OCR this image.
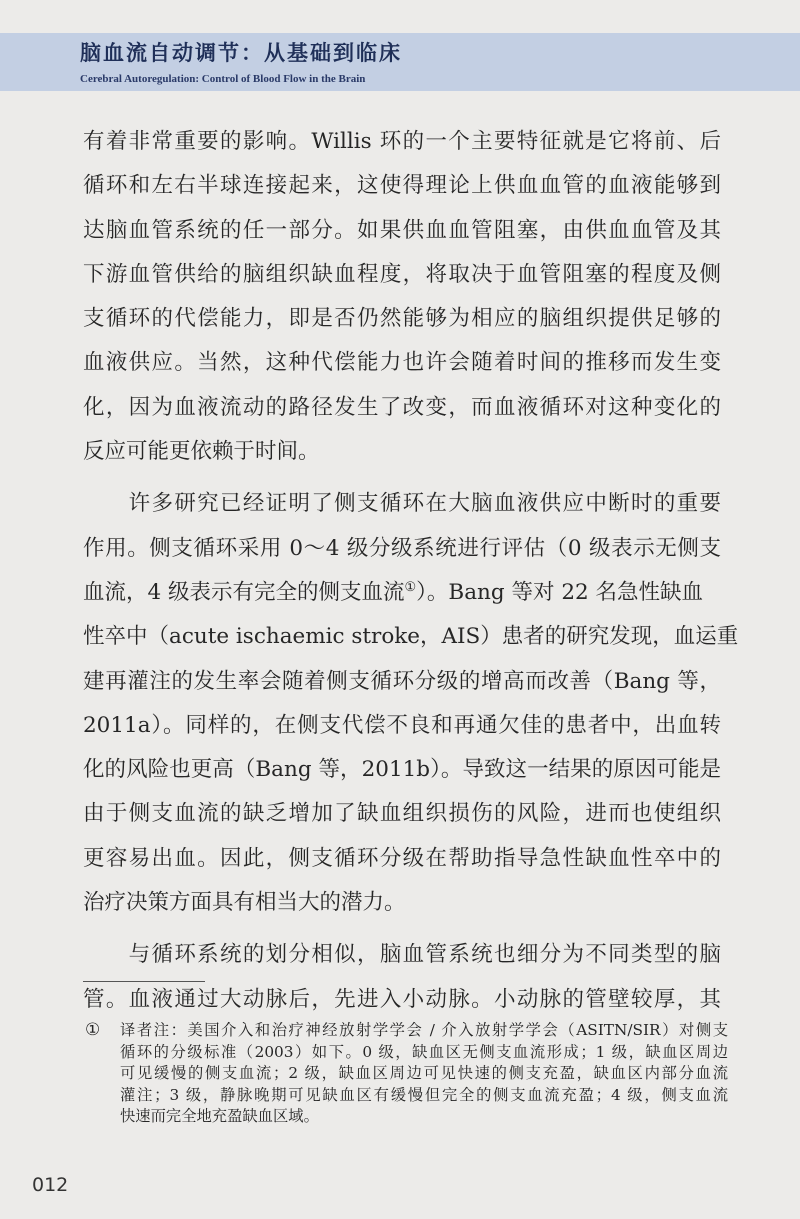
脑血流自动调节：从基础到临床
Cerebral Autoregulation: Control of Blood Flow in the Brain
有着非常重要的影响。Willis 环的一个主要特征就是它将前、后
循环和左右半球连接起来，这使得理论上供血血管的血液能够到
达脑血管系统的任一部分。如果供血血管阻塞，由供血血管及其
下游血管供给的脑组织缺血程度，将取决于血管阻塞的程度及侧
支循环的代偿能力，即是否仍然能够为相应的脑组织提供足够的
血液供应。当然，这种代偿能力也许会随着时间的推移而发生变
化，因为血液流动的路径发生了改变，而血液循环对这种变化的
反应可能更依赖于时间。
　　许多研究已经证明了侧支循环在大脑血液供应中断时的重要
作用。侧支循环采用 0～4 级分级系统进行评估（0 级表示无侧支
血流，4 级表示有完全的侧支血流①）。Bang 等对 22 名急性缺血
性卒中（acute ischaemic stroke，AIS）患者的研究发现，血运重
建再灌注的发生率会随着侧支循环分级的增高而改善（Bang 等，
2011a）。同样的，在侧支代偿不良和再通欠佳的患者中，出血转
化的风险也更高（Bang 等，2011b）。导致这一结果的原因可能是
由于侧支血流的缺乏增加了缺血组织损伤的风险，进而也使组织
更容易出血。因此，侧支循环分级在帮助指导急性缺血性卒中的
治疗决策方面具有相当大的潜力。
　　与循环系统的划分相似，脑血管系统也细分为不同类型的脑
管。血液通过大动脉后，先进入小动脉。小动脉的管壁较厚，其
① 译者注：美国介入和治疗神经放射学学会 / 介入放射学学会（ASITN/SIR）对侧支
循环的分级标准（2003）如下。0 级，缺血区无侧支血流形成；1 级，缺血区周边
可见缓慢的侧支血流；2 级，缺血区周边可见快速的侧支充盈，缺血区内部分血流
灌注；3 级，静脉晚期可见缺血区有缓慢但完全的侧支血流充盈；4 级，侧支血流
快速而完全地充盈缺血区域。
012
